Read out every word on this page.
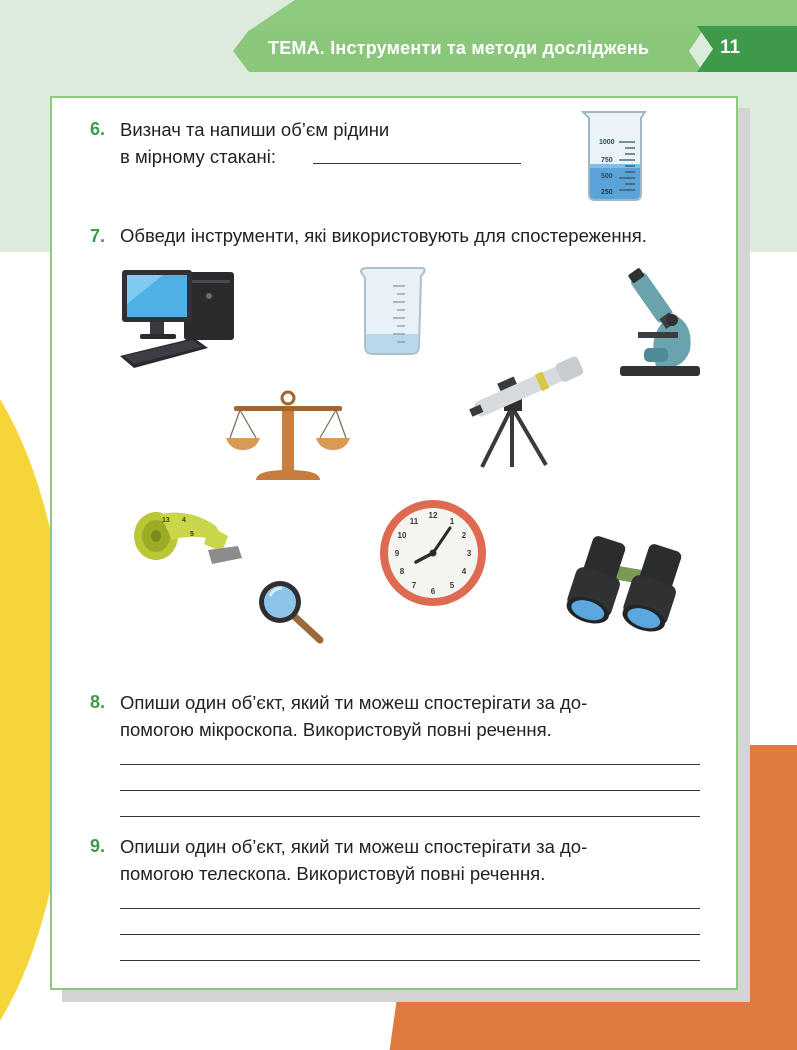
ТЕМА. Інструменти та методи досліджень	11
6. Визнач та напиши об’єм рідини
в мірному стакані:
1000
750
500
250
7. Обведи інструменти, які використовують для спостереження.
13 4
5
12
1
2
3
4
5
6
7
8
9
10
11
8. Опиши один об’єкт, який ти можеш спостерігати за до-
помогою мікроскопа. Використовуй повні речення.
9. Опиши один об’єкт, який ти можеш спостерігати за до-
помогою телескопа. Використовуй повні речення.
